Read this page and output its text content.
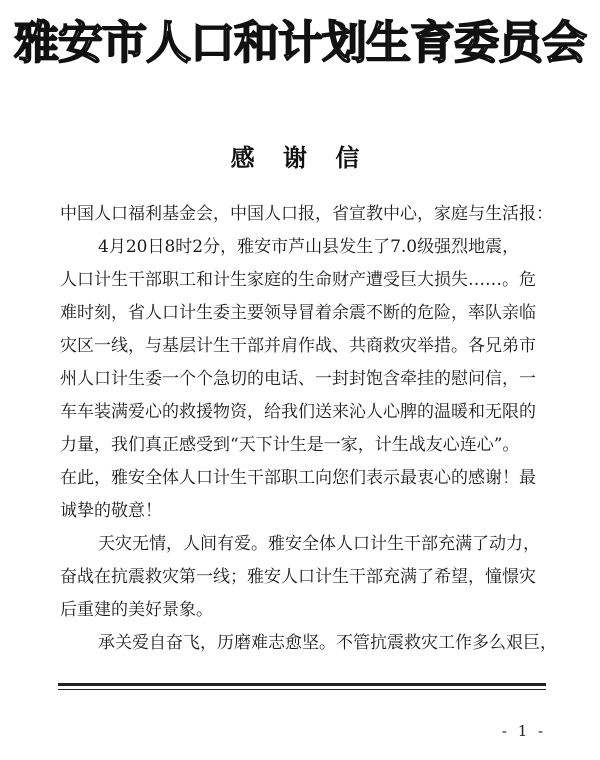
雅安市人口和计划生育委员会
感 谢 信
中国人口福利基金会，中国人口报，省宣教中心，家庭与生活报：
4月20日8时2分，雅安市芦山县发生了7.0级强烈地震，
人口计生干部职工和计生家庭的生命财产遭受巨大损失……。危
难时刻，省人口计生委主要领导冒着余震不断的危险，率队亲临
灾区一线，与基层计生干部并肩作战、共商救灾举措。各兄弟市
州人口计生委一个个急切的电话、一封封饱含牵挂的慰问信，一
车车装满爱心的救援物资，给我们送来沁人心脾的温暖和无限的
力量，我们真正感受到“天下计生是一家，计生战友心连心”。
在此，雅安全体人口计生干部职工向您们表示最衷心的感谢！最
诚挚的敬意！
天灾无情，人间有爱。雅安全体人口计生干部充满了动力，
奋战在抗震救灾第一线；雅安人口计生干部充满了希望，憧憬灾
后重建的美好景象。
承关爱自奋飞，历磨难志愈坚。不管抗震救灾工作多么艰巨，
- 1 -
